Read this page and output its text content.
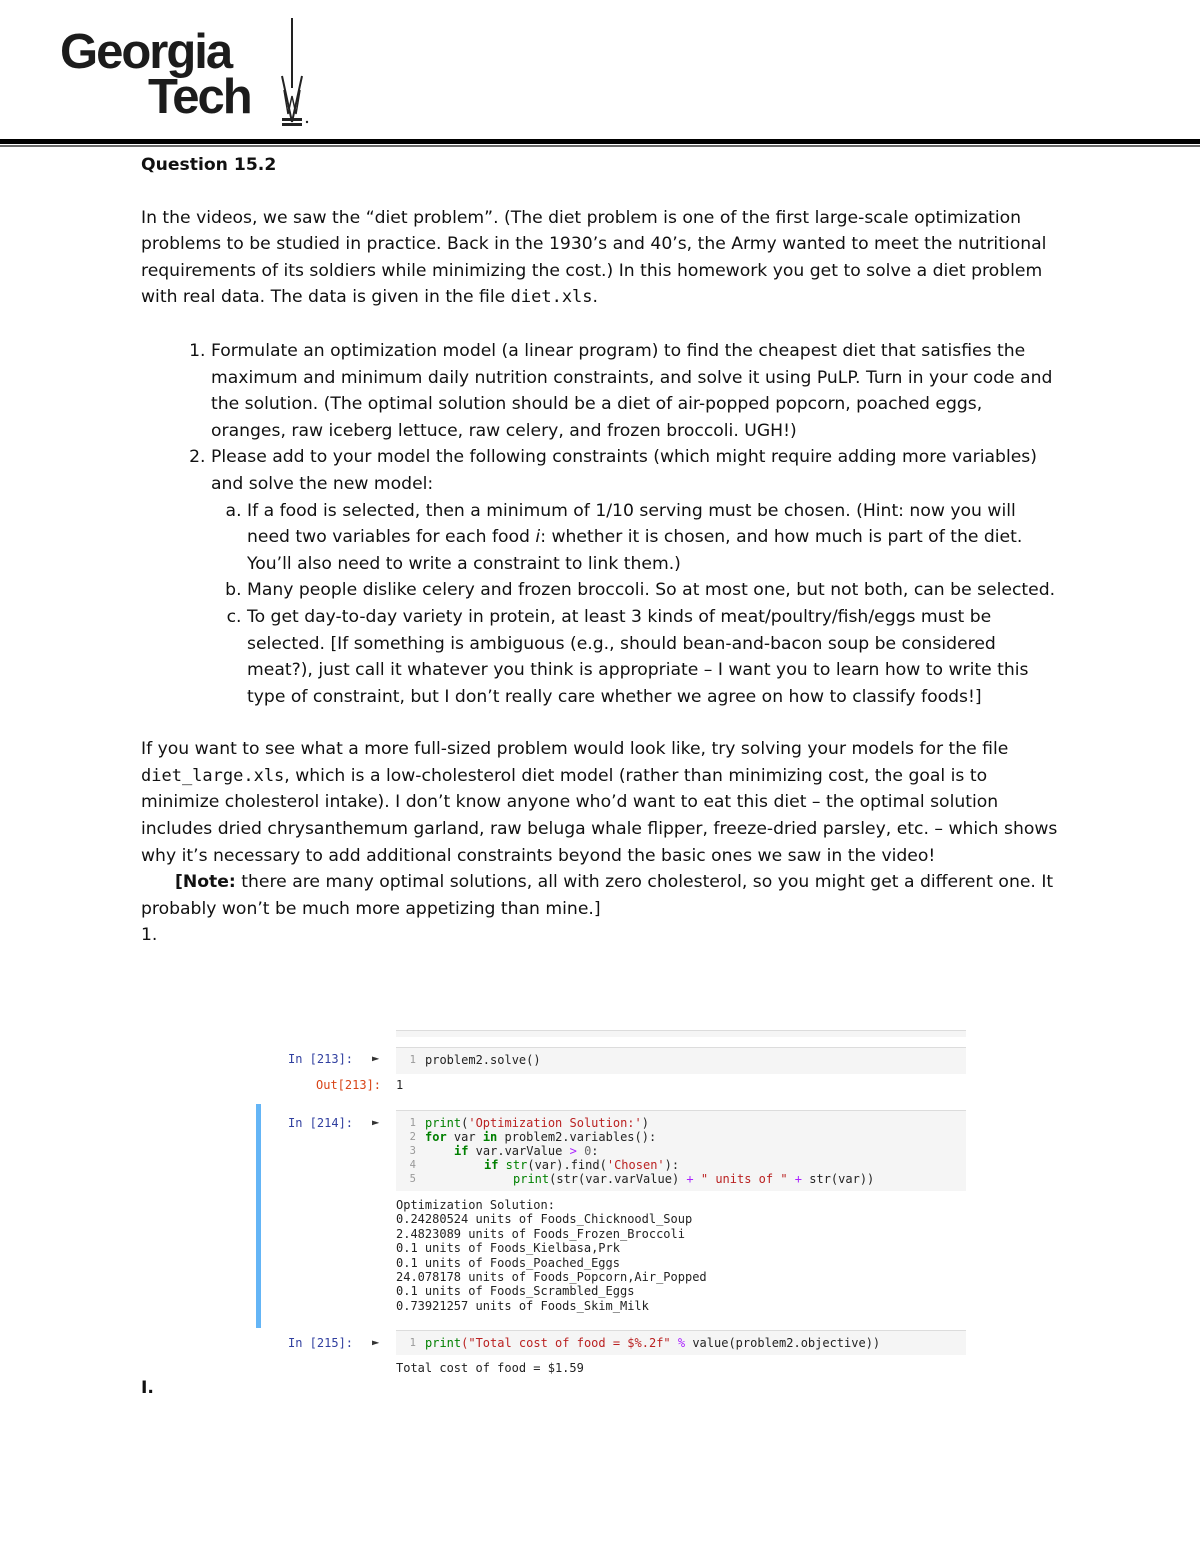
Georgia
Tech

Question 15.2

In the videos, we saw the “diet problem”. (The diet problem is one of the first large-scale optimization problems to be studied in practice. Back in the 1930’s and 40’s, the Army wanted to meet the nutritional requirements of its soldiers while minimizing the cost.) In this homework you get to solve a diet problem with real data. The data is given in the file diet.xls.

1. Formulate an optimization model (a linear program) to find the cheapest diet that satisfies the maximum and minimum daily nutrition constraints, and solve it using PuLP. Turn in your code and the solution. (The optimal solution should be a diet of air-popped popcorn, poached eggs, oranges, raw iceberg lettuce, raw celery, and frozen broccoli. UGH!)
2. Please add to your model the following constraints (which might require adding more variables) and solve the new model:
a. If a food is selected, then a minimum of 1/10 serving must be chosen. (Hint: now you will need two variables for each food i: whether it is chosen, and how much is part of the diet. You’ll also need to write a constraint to link them.)
b. Many people dislike celery and frozen broccoli. So at most one, but not both, can be selected.
c. To get day-to-day variety in protein, at least 3 kinds of meat/poultry/fish/eggs must be selected. [If something is ambiguous (e.g., should bean-and-bacon soup be considered meat?), just call it whatever you think is appropriate – I want you to learn how to write this type of constraint, but I don’t really care whether we agree on how to classify foods!]

If you want to see what a more full-sized problem would look like, try solving your models for the file diet_large.xls, which is a low-cholesterol diet model (rather than minimizing cost, the goal is to minimize cholesterol intake). I don’t know anyone who’d want to eat this diet – the optimal solution includes dried chrysanthemum garland, raw beluga whale flipper, freeze-dried parsley, etc. – which shows why it’s necessary to add additional constraints beyond the basic ones we saw in the video!

[Note: there are many optimal solutions, all with zero cholesterol, so you might get a different one. It probably won’t be much more appetizing than mine.]

1.

1 problem2.solve()
In [213]: ►
Out[213]: 1
In [214]: ►	1
2
3
4
5
print('Optimization Solution:')
for var in problem2.variables():
if var.varValue > 0:
if str(var).find('Chosen'):
print(str(var.varValue) + " units of " + str(var))
Optimization Solution:
0.24280524 units of Foods_Chicknoodl_Soup
2.4823089 units of Foods_Frozen_Broccoli
0.1 units of Foods_Kielbasa,Prk
0.1 units of Foods_Poached_Eggs
24.078178 units of Foods_Popcorn,Air_Popped
0.1 units of Foods_Scrambled_Eggs
0.73921257 units of Foods_Skim_Milk
In [215]: ►	1 print("Total cost of food = $%.2f" % value(problem2.objective))
Total cost of food = $1.59
I.
